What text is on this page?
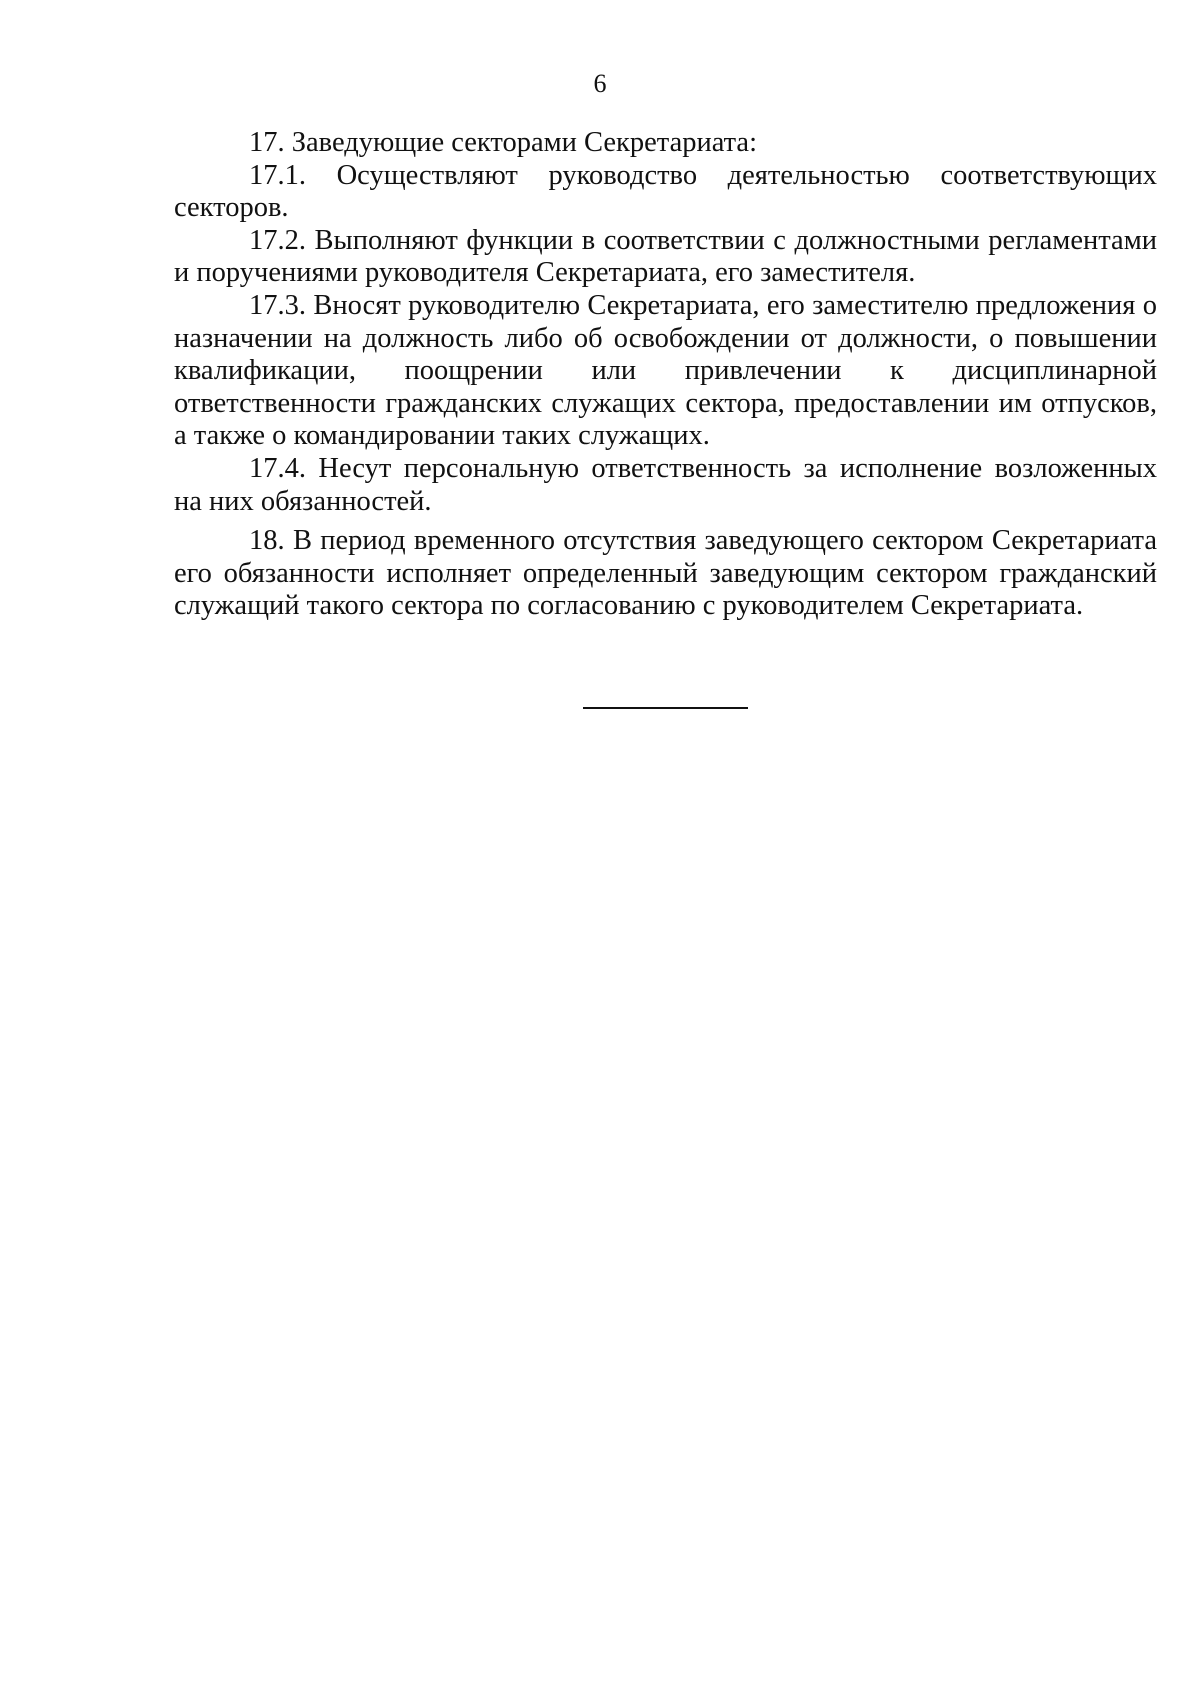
6

17. Заведующие секторами Секретариата:

17.1. Осуществляют руководство деятельностью соответствующих секторов.

17.2. Выполняют функции в соответствии с должностными регламентами и поручениями руководителя Секретариата, его заместителя.

17.3. Вносят руководителю Секретариата, его заместителю предложения о назначении на должность либо об освобождении от должности, о повышении квалификации, поощрении или привлечении к дисциплинарной ответственности гражданских служащих сектора, предоставлении им отпусков, а также о командировании таких служащих.

17.4. Несут персональную ответственность за исполнение возложенных на них обязанностей.

18. В период временного отсутствия заведующего сектором Секретариата его обязанности исполняет определенный заведующим сектором гражданский служащий такого сектора по согласованию с руководителем Секретариата.
